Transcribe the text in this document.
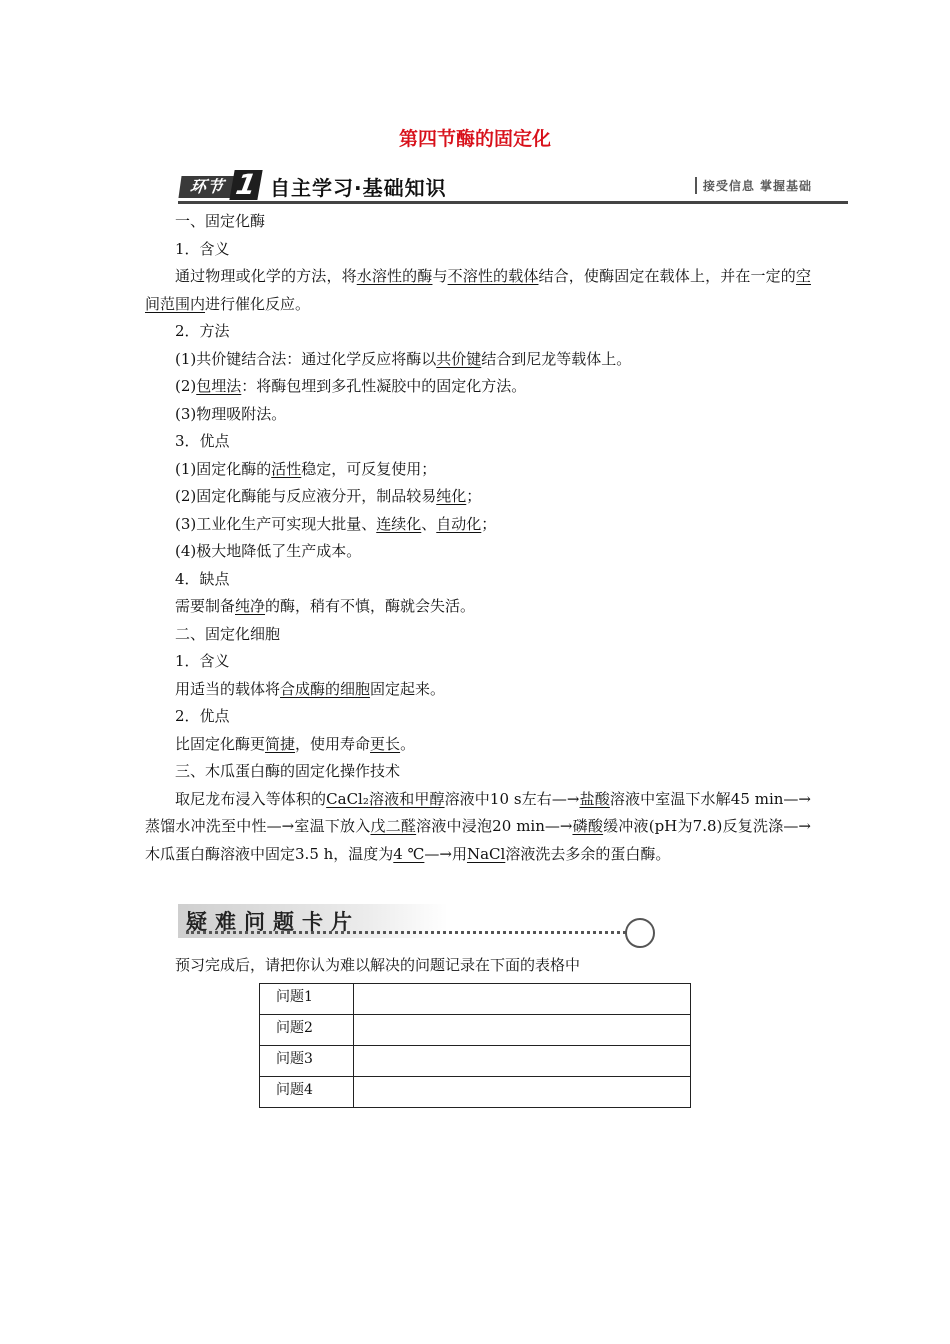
第四节酶的固定化
环节 1 自主学习·基础知识	接受信息 掌握基础
一、固定化酶
1．含义
通过物理或化学的方法，将水溶性的酶与不溶性的载体结合，使酶固定在载体上，并在一定的空间范围内进行催化反应。
2．方法
(1)共价键结合法：通过化学反应将酶以共价键结合到尼龙等载体上。
(2)包埋法：将酶包埋到多孔性凝胶中的固定化方法。
(3)物理吸附法。
3．优点
(1)固定化酶的活性稳定，可反复使用；
(2)固定化酶能与反应液分开，制品较易纯化；
(3)工业化生产可实现大批量、连续化、自动化；
(4)极大地降低了生产成本。
4．缺点
需要制备纯净的酶，稍有不慎，酶就会失活。
二、固定化细胞
1．含义
用适当的载体将合成酶的细胞固定起来。
2．优点
比固定化酶更简捷，使用寿命更长。
三、木瓜蛋白酶的固定化操作技术
取尼龙布浸入等体积的CaCl₂溶液和甲醇溶液中10 s左右—→盐酸溶液中室温下水解45 min—→蒸馏水冲洗至中性—→室温下放入戊二醛溶液中浸泡20 min—→磷酸缓冲液(pH为7.8)反复洗涤—→木瓜蛋白酶溶液中固定3.5 h，温度为4 ℃—→用NaCl溶液洗去多余的蛋白酶。
疑难问题卡片
预习完成后，请把你认为难以解决的问题记录在下面的表格中
问题1	
问题2	
问题3	
问题4	
